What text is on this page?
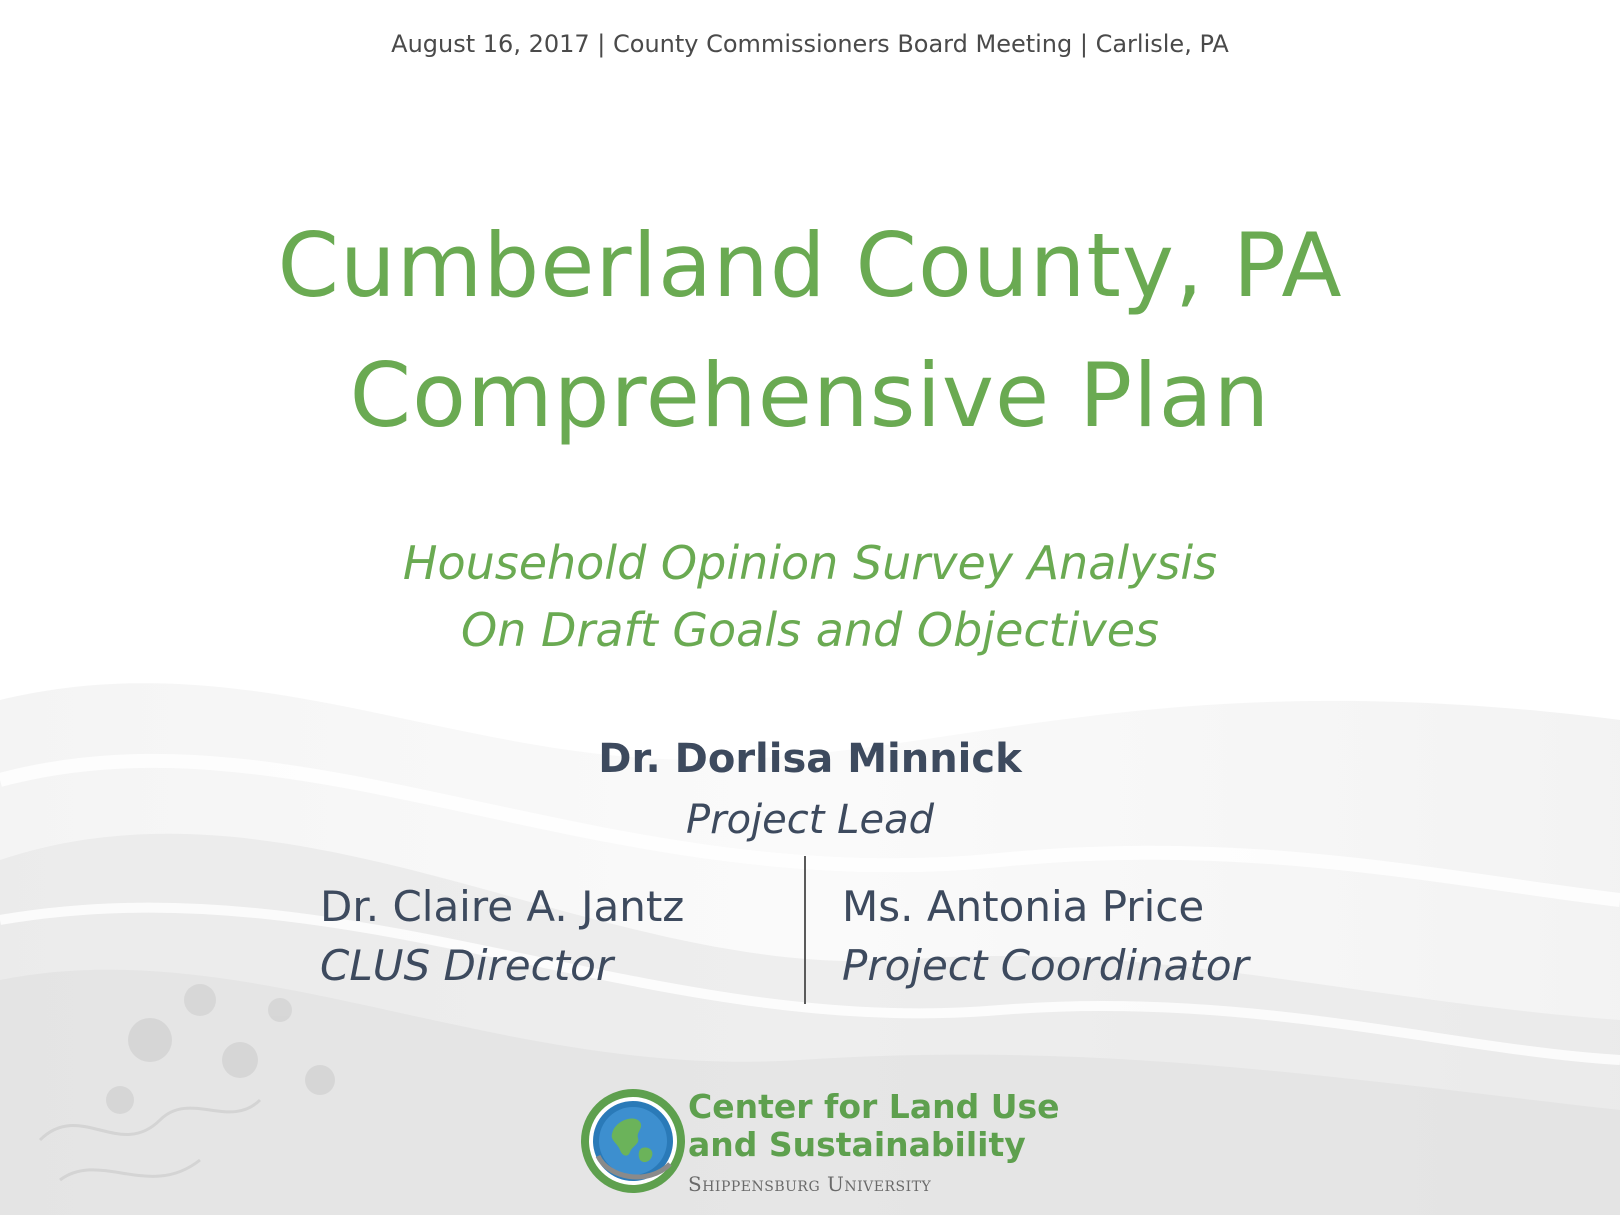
August 16, 2017 | County Commissioners Board Meeting | Carlisle, PA
Cumberland County, PA
Comprehensive Plan
Household Opinion Survey Analysis
On Draft Goals and Objectives
Dr. Dorlisa Minnick
Project Lead
Dr. Claire A. Jantz
CLUS Director
Ms. Antonia Price
Project Coordinator
Center for Land Use
and Sustainability
Shippensburg University
